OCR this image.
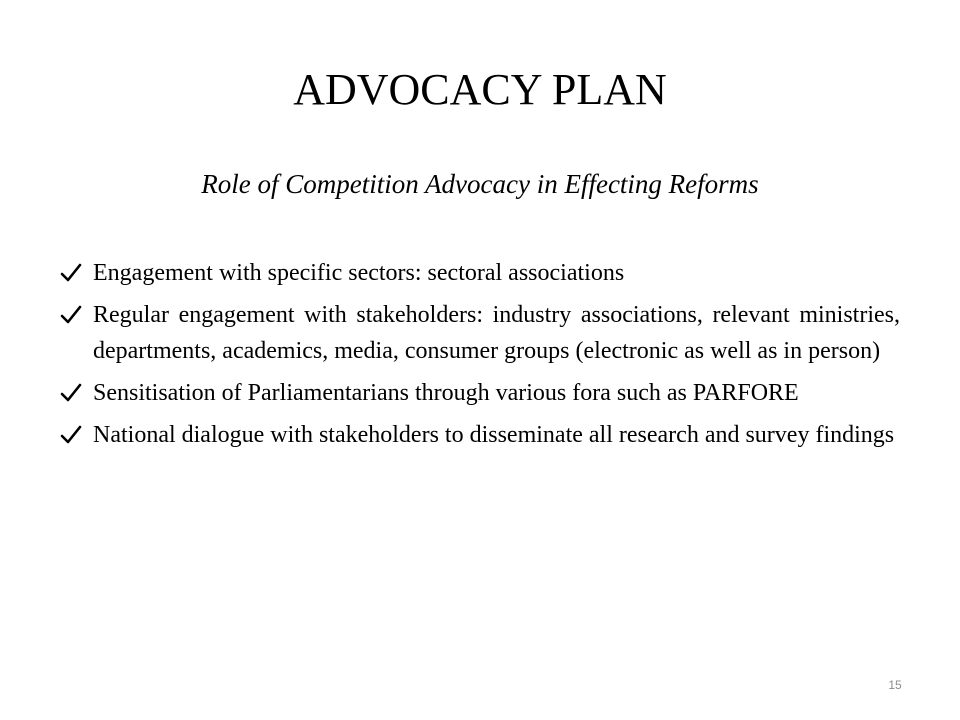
ADVOCACY PLAN
Role of Competition Advocacy in Effecting Reforms
Engagement with specific sectors: sectoral associations
Regular engagement with stakeholders: industry associations, relevant ministries, departments, academics, media, consumer groups (electronic as well as in person)
Sensitisation of Parliamentarians through various fora such as PARFORE
National dialogue with stakeholders to disseminate all research and survey findings
15
